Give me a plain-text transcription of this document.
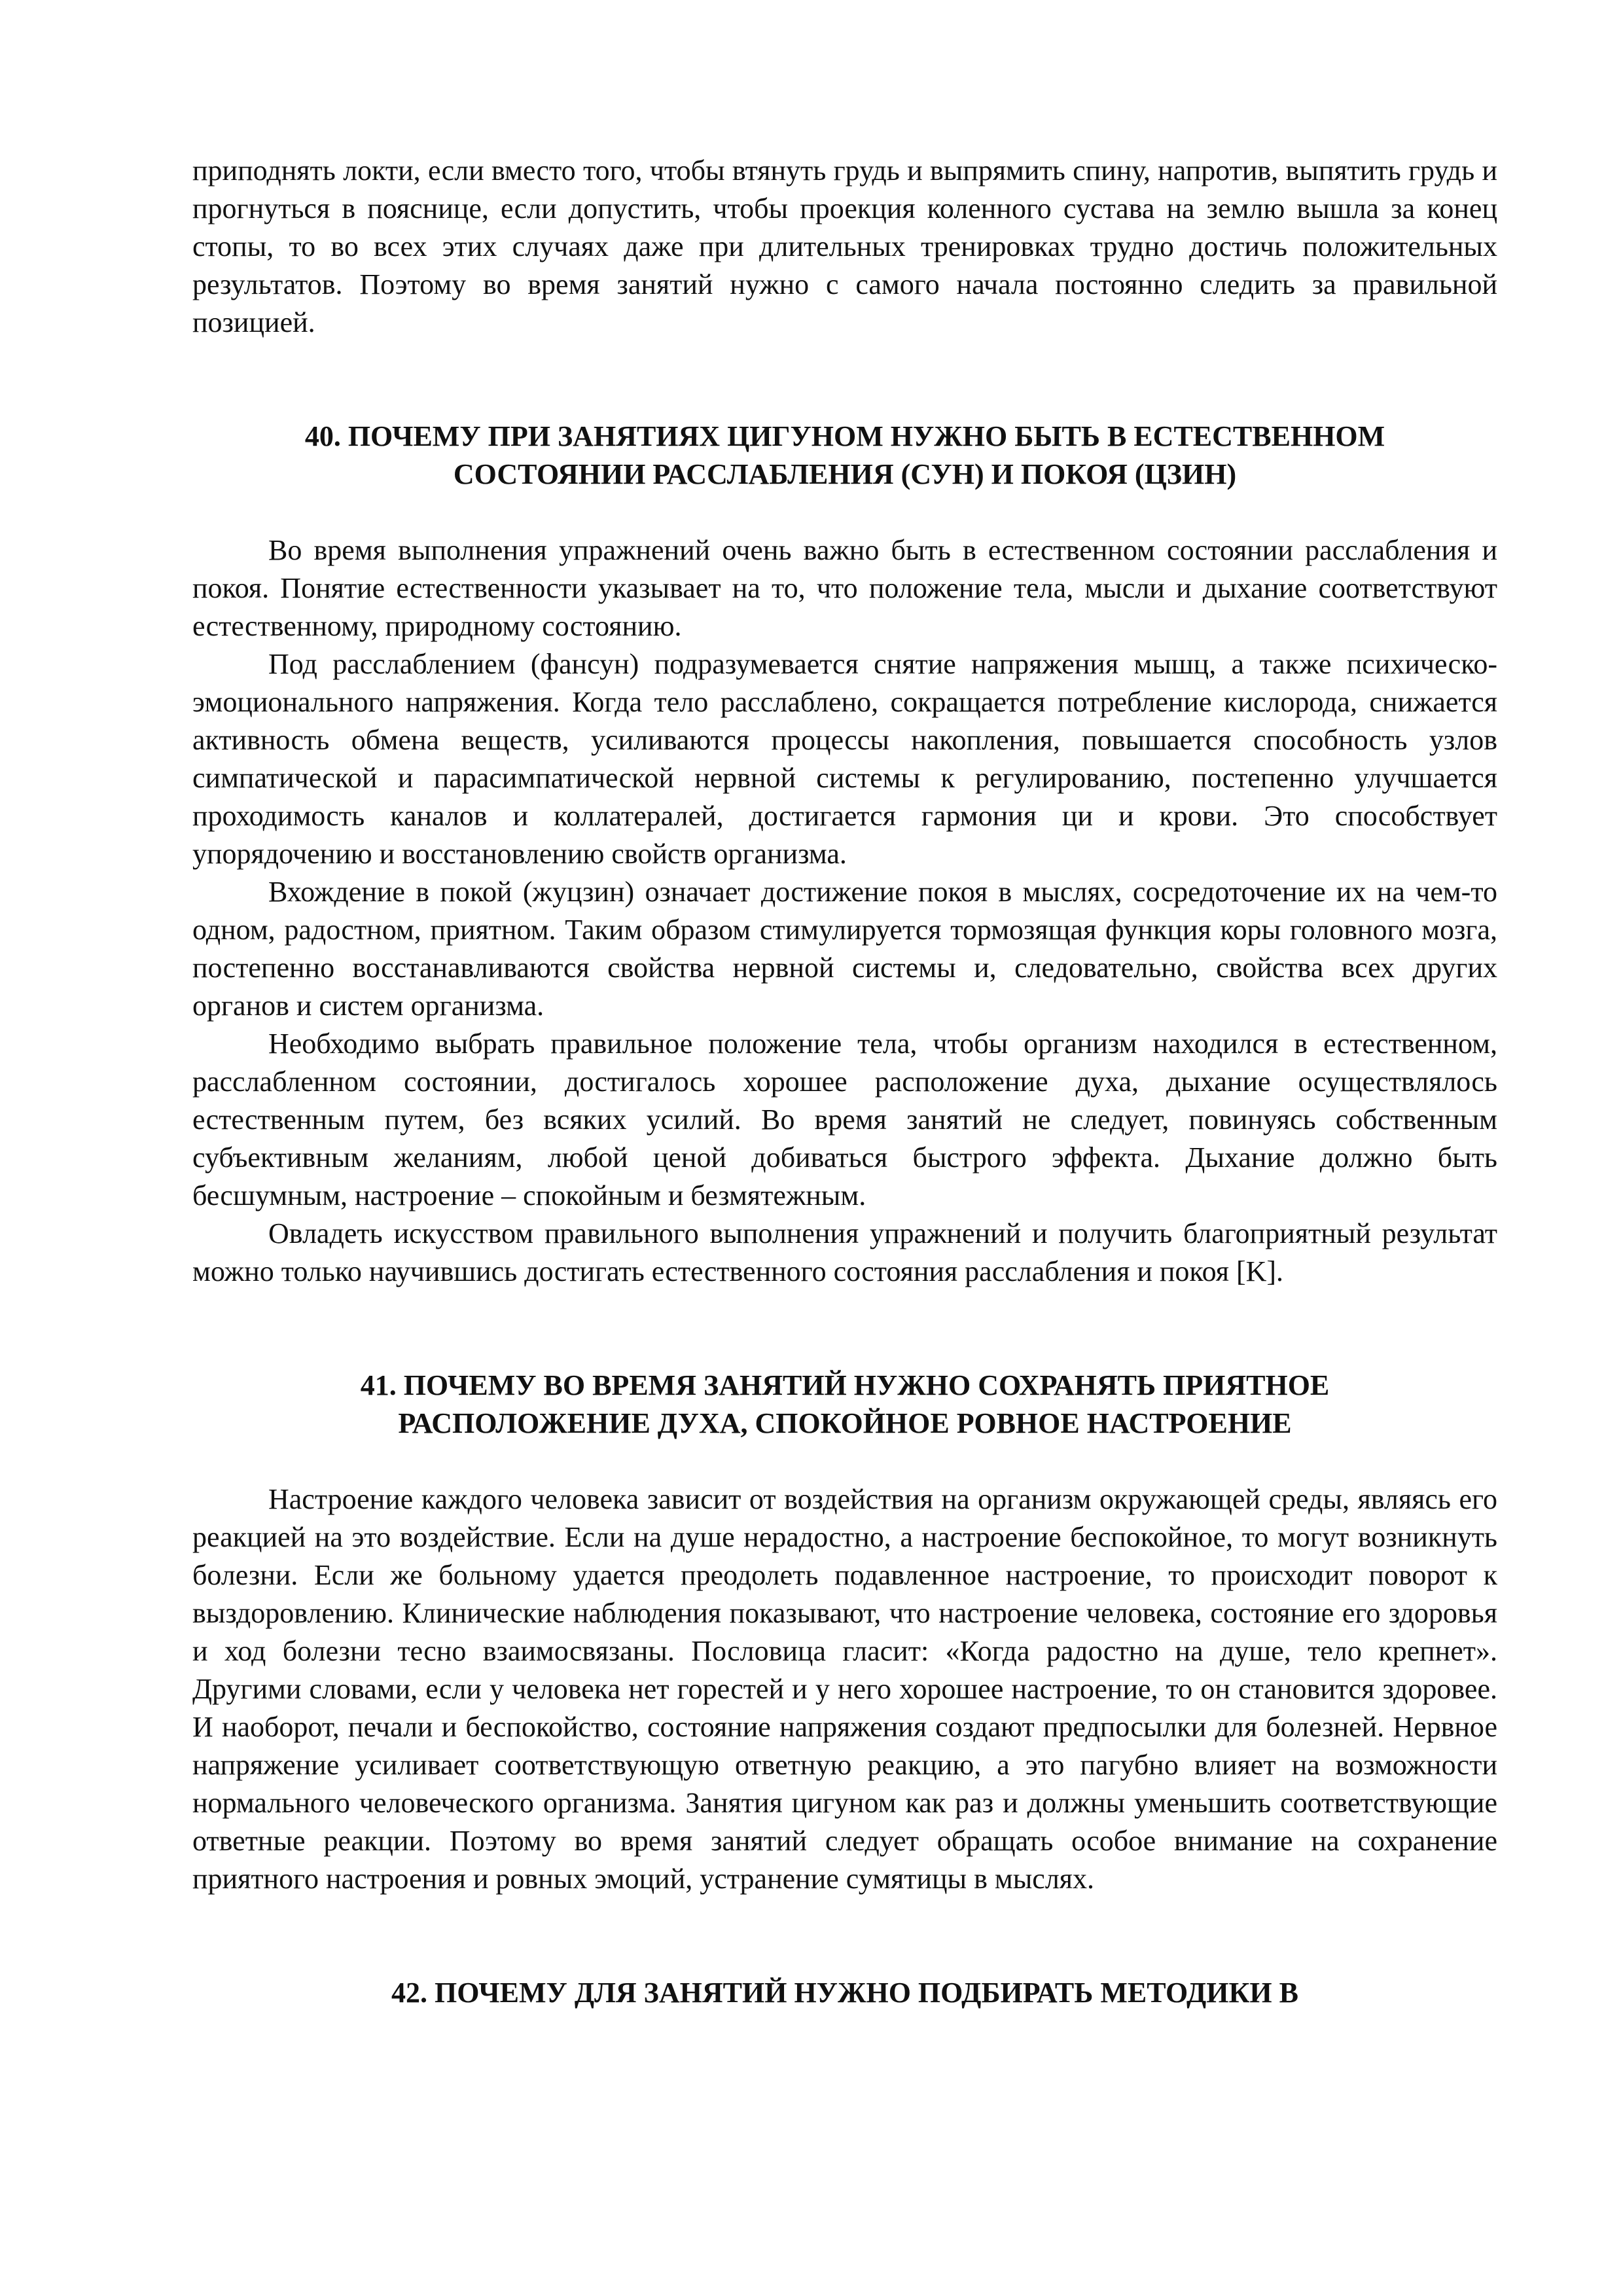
приподнять локти, если вместо того, чтобы втянуть грудь и выпрямить спину, напротив, выпятить грудь и прогнуться в пояснице, если допустить, чтобы проекция коленного сустава на землю вышла за конец стопы, то во всех этих случаях даже при длительных тренировках трудно достичь положительных результатов. Поэтому во время занятий нужно с самого начала постоянно следить за правильной позицией.

40. ПОЧЕМУ ПРИ ЗАНЯТИЯХ ЦИГУНОМ НУЖНО БЫТЬ В ЕСТЕСТВЕННОМ
СОСТОЯНИИ РАССЛАБЛЕНИЯ (СУН) И ПОКОЯ (ЦЗИН)

Во время выполнения упражнений очень важно быть в естественном состоянии расслабления и покоя. Понятие естественности указывает на то, что положение тела, мысли и дыхание соответствуют естественному, природному состоянию.

Под расслаблением (фансун) подразумевается снятие напряжения мышц, а также психическо-эмоционального напряжения. Когда тело расслаблено, сокращается потребление кислорода, снижается активность обмена веществ, усиливаются процессы накопления, повышается способность узлов симпатической и парасимпатической нервной системы к регулированию, постепенно улучшается проходимость каналов и коллатералей, достигается гармония ци и крови. Это способствует упорядочению и восстановлению свойств организма.

Вхождение в покой (жуцзин) означает достижение покоя в мыслях, сосредоточение их на чем-то одном, радостном, приятном. Таким образом стимулируется тормозящая функция коры головного мозга, постепенно восстанавливаются свойства нервной системы и, следовательно, свойства всех других органов и систем организма.

Необходимо выбрать правильное положение тела, чтобы организм находился в естественном, расслабленном состоянии, достигалось хорошее расположение духа, дыхание осуществлялось естественным путем, без всяких усилий. Во время занятий не следует, повинуясь собственным субъективным желаниям, любой ценой добиваться быстрого эффекта. Дыхание должно быть бесшумным, настроение – спокойным и безмятежным.

Овладеть искусством правильного выполнения упражнений и получить благоприятный результат можно только научившись достигать естественного состояния расслабления и покоя [K].

41. ПОЧЕМУ ВО ВРЕМЯ ЗАНЯТИЙ НУЖНО СОХРАНЯТЬ ПРИЯТНОЕ
РАСПОЛОЖЕНИЕ ДУХА, СПОКОЙНОЕ РОВНОЕ НАСТРОЕНИЕ

Настроение каждого человека зависит от воздействия на организм окружающей среды, являясь его реакцией на это воздействие. Если на душе нерадостно, а настроение беспокойное, то могут возникнуть болезни. Если же больному удается преодолеть подавленное настроение, то происходит поворот к выздоровлению. Клинические наблюдения показывают, что настроение человека, состояние его здоровья и ход болезни тесно взаимосвязаны. Пословица гласит: «Когда радостно на душе, тело крепнет». Другими словами, если у человека нет горестей и у него хорошее настроение, то он становится здоровее. И наоборот, печали и беспокойство, состояние напряжения создают предпосылки для болезней. Нервное напряжение усиливает соответствующую ответную реакцию, а это пагубно влияет на возможности нормального человеческого организма. Занятия цигуном как раз и должны уменьшить соответствующие ответные реакции. Поэтому во время занятий следует обращать особое внимание на сохранение приятного настроения и ровных эмоций, устранение сумятицы в мыслях.

42. ПОЧЕМУ ДЛЯ ЗАНЯТИЙ НУЖНО ПОДБИРАТЬ МЕТОДИКИ В
